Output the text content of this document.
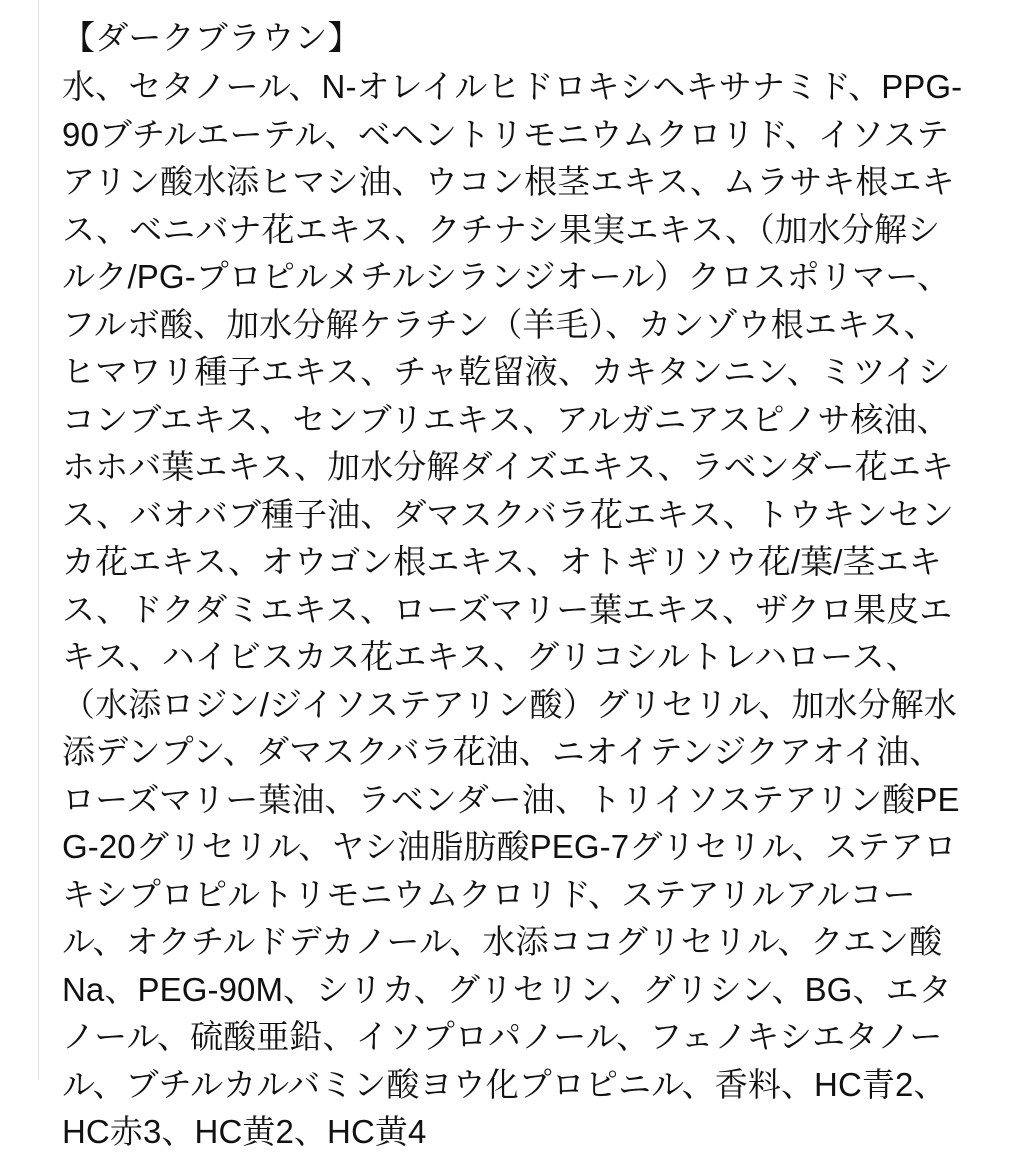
【ダークブラウン】

水、セタノール、N-オレイルヒドロキシヘキサナミド、PPG-90ブチルエーテル、ベヘントリモニウムクロリド、イソステアリン酸水添ヒマシ油、ウコン根茎エキス、ムラサキ根エキス、ベニバナ花エキス、クチナシ果実エキス、（加水分解シルク/PG-プロピルメチルシランジオール）クロスポリマー、フルボ酸、加水分解ケラチン（羊毛）、カンゾウ根エキス、ヒマワリ種子エキス、チャ乾留液、カキタンニン、ミツイシコンブエキス、センブリエキス、アルガニアスピノサ核油、ホホバ葉エキス、加水分解ダイズエキス、ラベンダー花エキス、バオバブ種子油、ダマスクバラ花エキス、トウキンセンカ花エキス、オウゴン根エキス、オトギリソウ花/葉/茎エキス、ドクダミエキス、ローズマリー葉エキス、ザクロ果皮エキス、ハイビスカス花エキス、グリコシルトレハロース、（水添ロジン/ジイソステアリン酸）グリセリル、加水分解水添デンプン、ダマスクバラ花油、ニオイテンジクアオイ油、ローズマリー葉油、ラベンダー油、トリイソステアリン酸PEG-20グリセリル、ヤシ油脂肪酸PEG-7グリセリル、ステアロキシプロピルトリモニウムクロリド、ステアリルアルコール、オクチルドデカノール、水添ココグリセリル、クエン酸Na、PEG-90M、シリカ、グリセリン、グリシン、BG、エタノール、硫酸亜鉛、イソプロパノール、フェノキシエタノール、ブチルカルバミン酸ヨウ化プロピニル、香料、HC青2、HC赤3、HC黄2、HC黄4
